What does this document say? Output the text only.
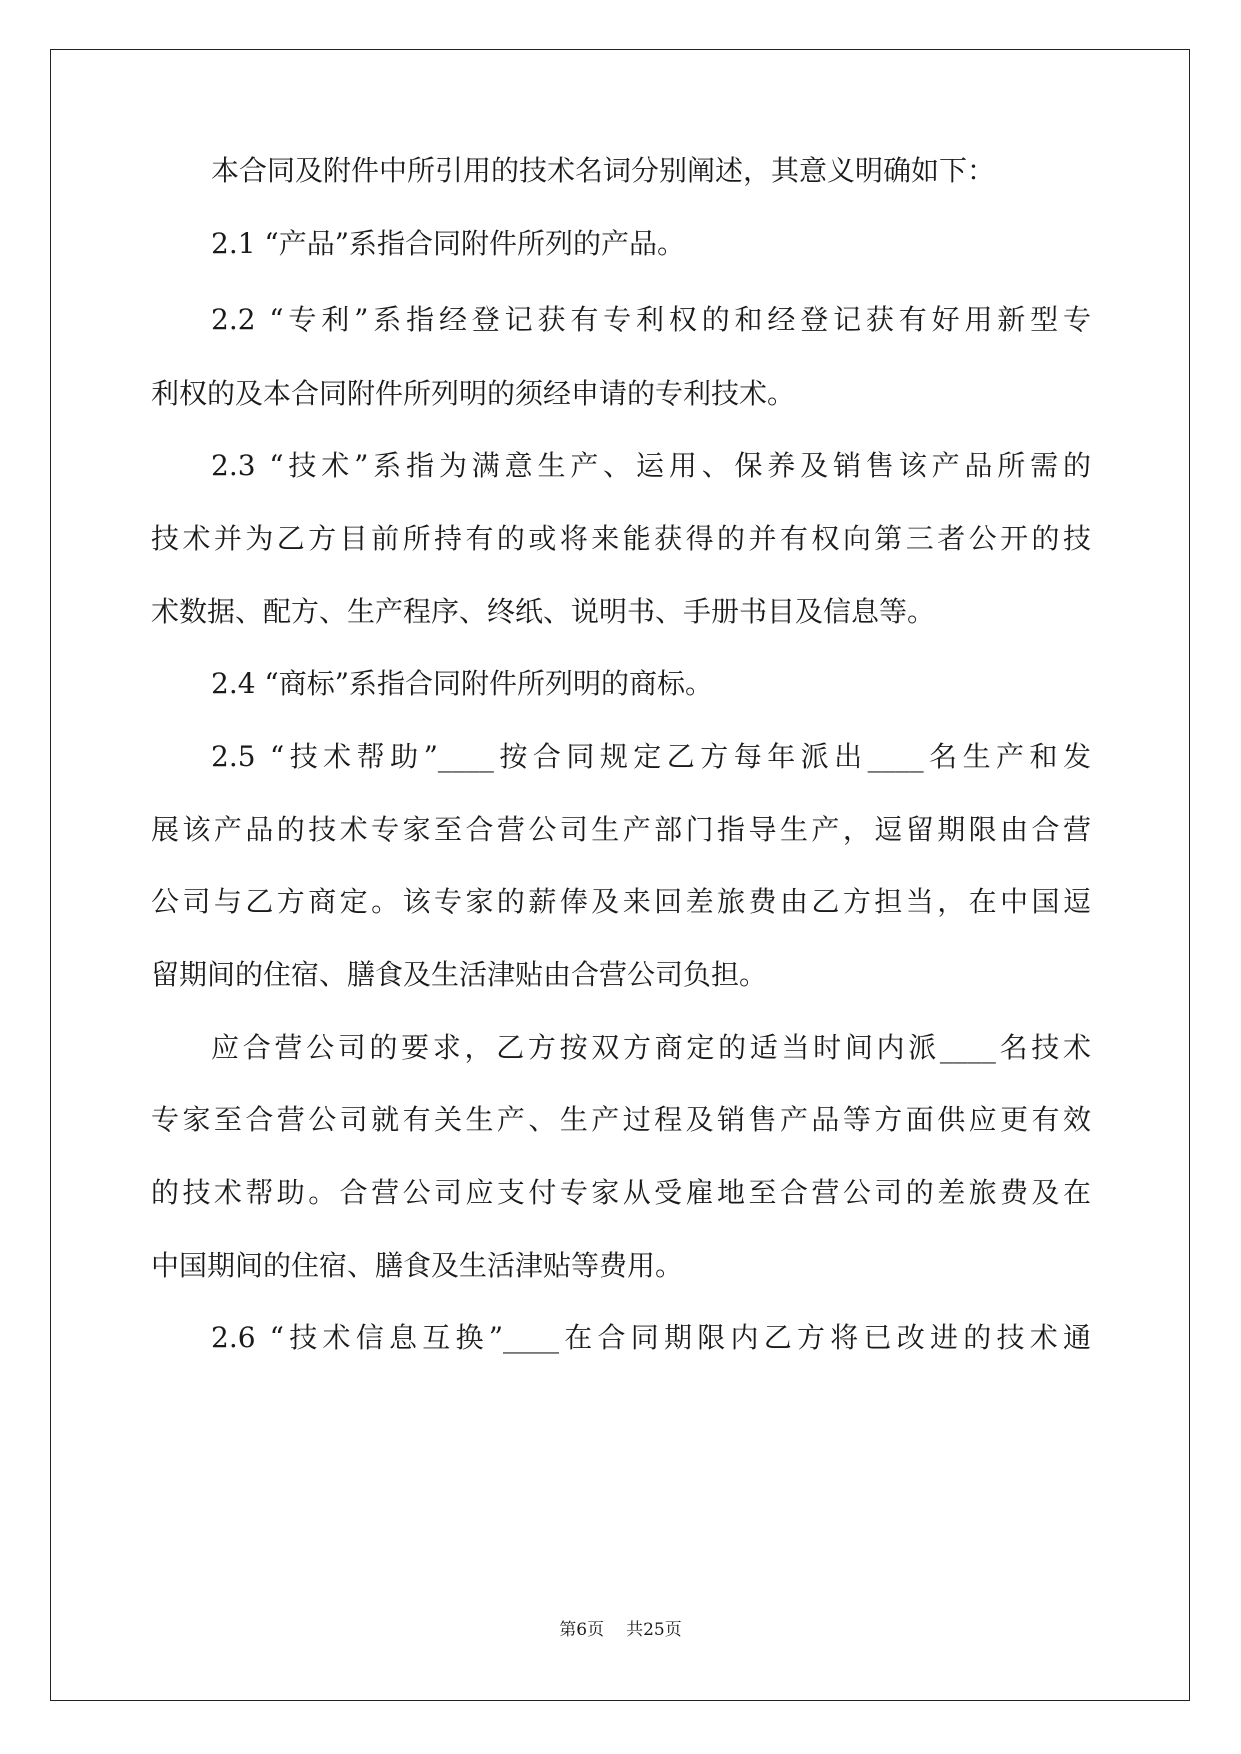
本合同及附件中所引用的技术名词分别阐述，其意义明确如下：
2.1 “产品”系指合同附件所列的产品。
2.2 “专利”系指经登记获有专利权的和经登记获有好用新型专
利权的及本合同附件所列明的须经申请的专利技术。
2.3 “技术”系指为满意生产、运用、保养及销售该产品所需的
技术并为乙方目前所持有的或将来能获得的并有权向第三者公开的技
术数据、配方、生产程序、终纸、说明书、手册书目及信息等。
2.4 “商标”系指合同附件所列明的商标。
2.5 “技术帮助”____按合同规定乙方每年派出____名生产和发
展该产品的技术专家至合营公司生产部门指导生产，逗留期限由合营
公司与乙方商定。该专家的薪俸及来回差旅费由乙方担当，在中国逗
留期间的住宿、膳食及生活津贴由合营公司负担。
应合营公司的要求，乙方按双方商定的适当时间内派____名技术
专家至合营公司就有关生产、生产过程及销售产品等方面供应更有效
的技术帮助。合营公司应支付专家从受雇地至合营公司的差旅费及在
中国期间的住宿、膳食及生活津贴等费用。
2.6 “技术信息互换”____在合同期限内乙方将已改进的技术通
第6页 共25页
